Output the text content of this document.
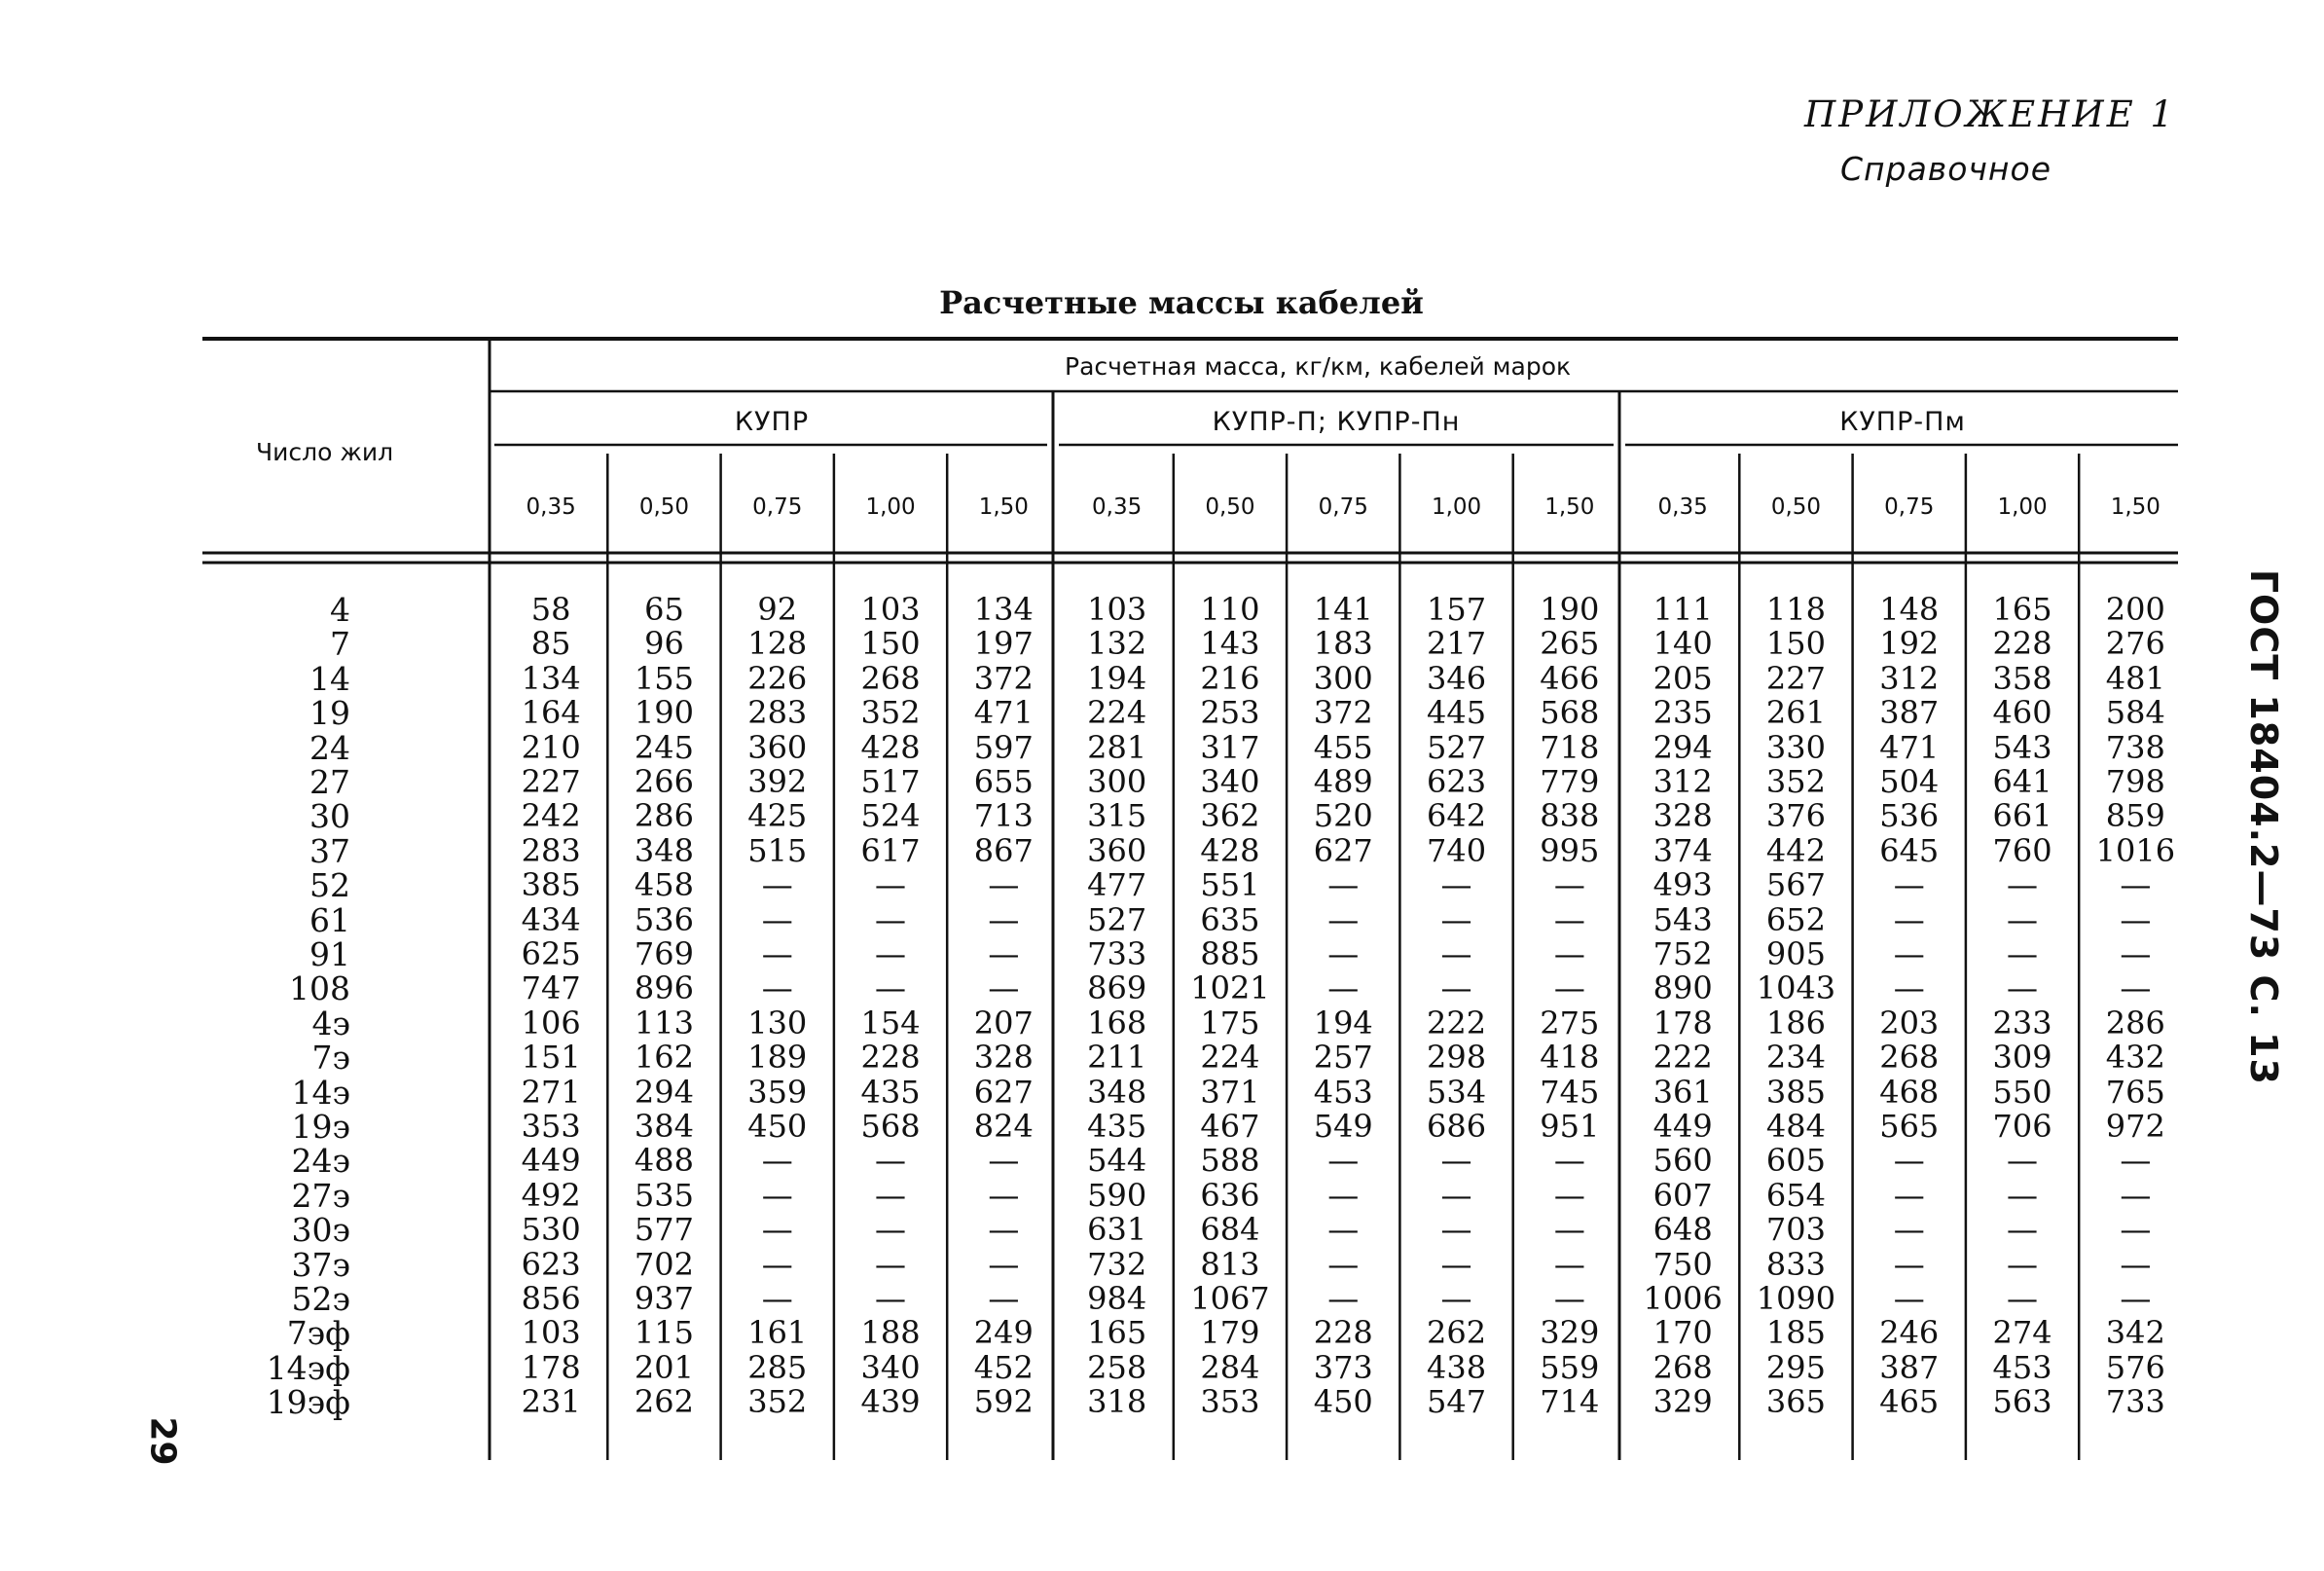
ПРИЛОЖЕНИЕ 1
Справочное
Расчетные массы кабелей
ГОСТ 18404.2—73 С. 13
29
Расчетная масса, кг/км, кабелей марок
Число жил
КУПР	КУПР-П; КУПР-Пн	КУПР-Пм
0,35	0,50	0,75	1,00	1,50	0,35	0,50	0,75	1,00	1,50	0,35	0,50	0,75	1,00	1,50
4	58	65	92	103	134	103	110	141	157	190	111	118	148	165	200
7	85	96	128	150	197	132	143	183	217	265	140	150	192	228	276
14	134	155	226	268	372	194	216	300	346	466	205	227	312	358	481
19	164	190	283	352	471	224	253	372	445	568	235	261	387	460	584
24	210	245	360	428	597	281	317	455	527	718	294	330	471	543	738
27	227	266	392	517	655	300	340	489	623	779	312	352	504	641	798
30	242	286	425	524	713	315	362	520	642	838	328	376	536	661	859
37	283	348	515	617	867	360	428	627	740	995	374	442	645	760	1016
52	385	458	—	—	—	477	551	—	—	—	493	567	—	—	—
61	434	536	—	—	—	527	635	—	—	—	543	652	—	—	—
91	625	769	—	—	—	733	885	—	—	—	752	905	—	—	—
108	747	896	—	—	—	869	1021	—	—	—	890	1043	—	—	—
4э	106	113	130	154	207	168	175	194	222	275	178	186	203	233	286
7э	151	162	189	228	328	211	224	257	298	418	222	234	268	309	432
14э	271	294	359	435	627	348	371	453	534	745	361	385	468	550	765
19э	353	384	450	568	824	435	467	549	686	951	449	484	565	706	972
24э	449	488	—	—	—	544	588	—	—	—	560	605	—	—	—
27э	492	535	—	—	—	590	636	—	—	—	607	654	—	—	—
30э	530	577	—	—	—	631	684	—	—	—	648	703	—	—	—
37э	623	702	—	—	—	732	813	—	—	—	750	833	—	—	—
52э	856	937	—	—	—	984	1067	—	—	—	1006	1090	—	—	—
7эф	103	115	161	188	249	165	179	228	262	329	170	185	246	274	342
14эф	178	201	285	340	452	258	284	373	438	559	268	295	387	453	576
19эф	231	262	352	439	592	318	353	450	547	714	329	365	465	563	733
